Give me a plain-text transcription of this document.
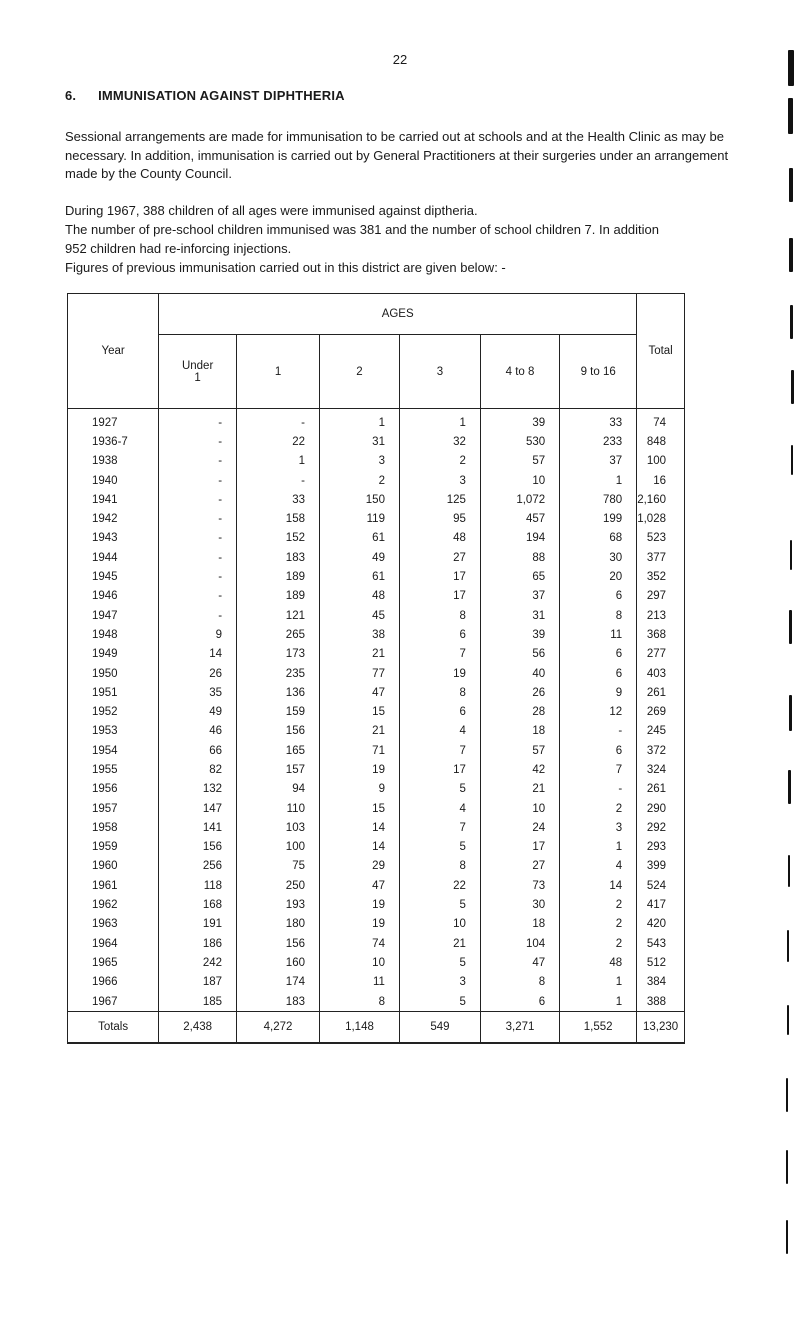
22
6. IMMUNISATION AGAINST DIPHTHERIA
Sessional arrangements are made for immunisation to be carried out at schools and at the Health Clinic as may be necessary. In addition, immunisation is carried out by General Practitioners at their surgeries under an arrangement made by the County Council.
During 1967, 388 children of all ages were immunised against diptheria.
The number of pre-school children immunised was 381 and the number of school children 7. In addition
952 children had re-inforcing injections.
Figures of previous immunisation carried out in this district are given below: -
Year	AGES						Total
	Under 1	1	2	3	4 to 8	9 to 16	
1927	-	-	1	1	39	33	74
1936-7	-	22	31	32	530	233	848
1938	-	1	3	2	57	37	100
1940	-	-	2	3	10	1	16
1941	-	33	150	125	1,072	780	2,160
1942	-	158	119	95	457	199	1,028
1943	-	152	61	48	194	68	523
1944	-	183	49	27	88	30	377
1945	-	189	61	17	65	20	352
1946	-	189	48	17	37	6	297
1947	-	121	45	8	31	8	213
1948	9	265	38	6	39	11	368
1949	14	173	21	7	56	6	277
1950	26	235	77	19	40	6	403
1951	35	136	47	8	26	9	261
1952	49	159	15	6	28	12	269
1953	46	156	21	4	18	-	245
1954	66	165	71	7	57	6	372
1955	82	157	19	17	42	7	324
1956	132	94	9	5	21	-	261
1957	147	110	15	4	10	2	290
1958	141	103	14	7	24	3	292
1959	156	100	14	5	17	1	293
1960	256	75	29	8	27	4	399
1961	118	250	47	22	73	14	524
1962	168	193	19	5	30	2	417
1963	191	180	19	10	18	2	420
1964	186	156	74	21	104	2	543
1965	242	160	10	5	47	48	512
1966	187	174	11	3	8	1	384
1967	185	183	8	5	6	1	388
Totals	2,438	4,272	1,148	549	3,271	1,552	13,230
